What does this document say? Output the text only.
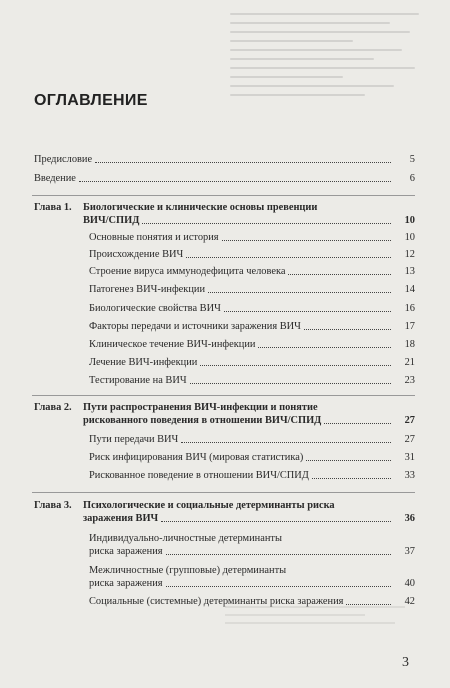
ОГЛАВЛЕНИЕ
Предисловие	5
Введение	6
Глава 1. Биологические и клинические основы превенции
ВИЧ/СПИД	10
Основные понятия и история	10
Происхождение ВИЧ	12
Строение вируса иммунодефицита человека	13
Патогенез ВИЧ-инфекции	14
Биологические свойства ВИЧ	16
Факторы передачи и источники заражения ВИЧ	17
Клиническое течение ВИЧ-инфекции	18
Лечение ВИЧ-инфекции	21
Тестирование на ВИЧ	23
Глава 2. Пути распространения ВИЧ-инфекции и понятие
рискованного поведения в отношении ВИЧ/СПИД	27
Пути передачи ВИЧ	27
Риск инфицирования ВИЧ (мировая статистика)	31
Рискованное поведение в отношении ВИЧ/СПИД	33
Глава 3. Психологические и социальные детерминанты риска
заражения ВИЧ	36
Индивидуально-личностные детерминанты
риска заражения	37
Межличностные (групповые) детерминанты
риска заражения	40
Социальные (системные) детерминанты риска заражения	42
3
